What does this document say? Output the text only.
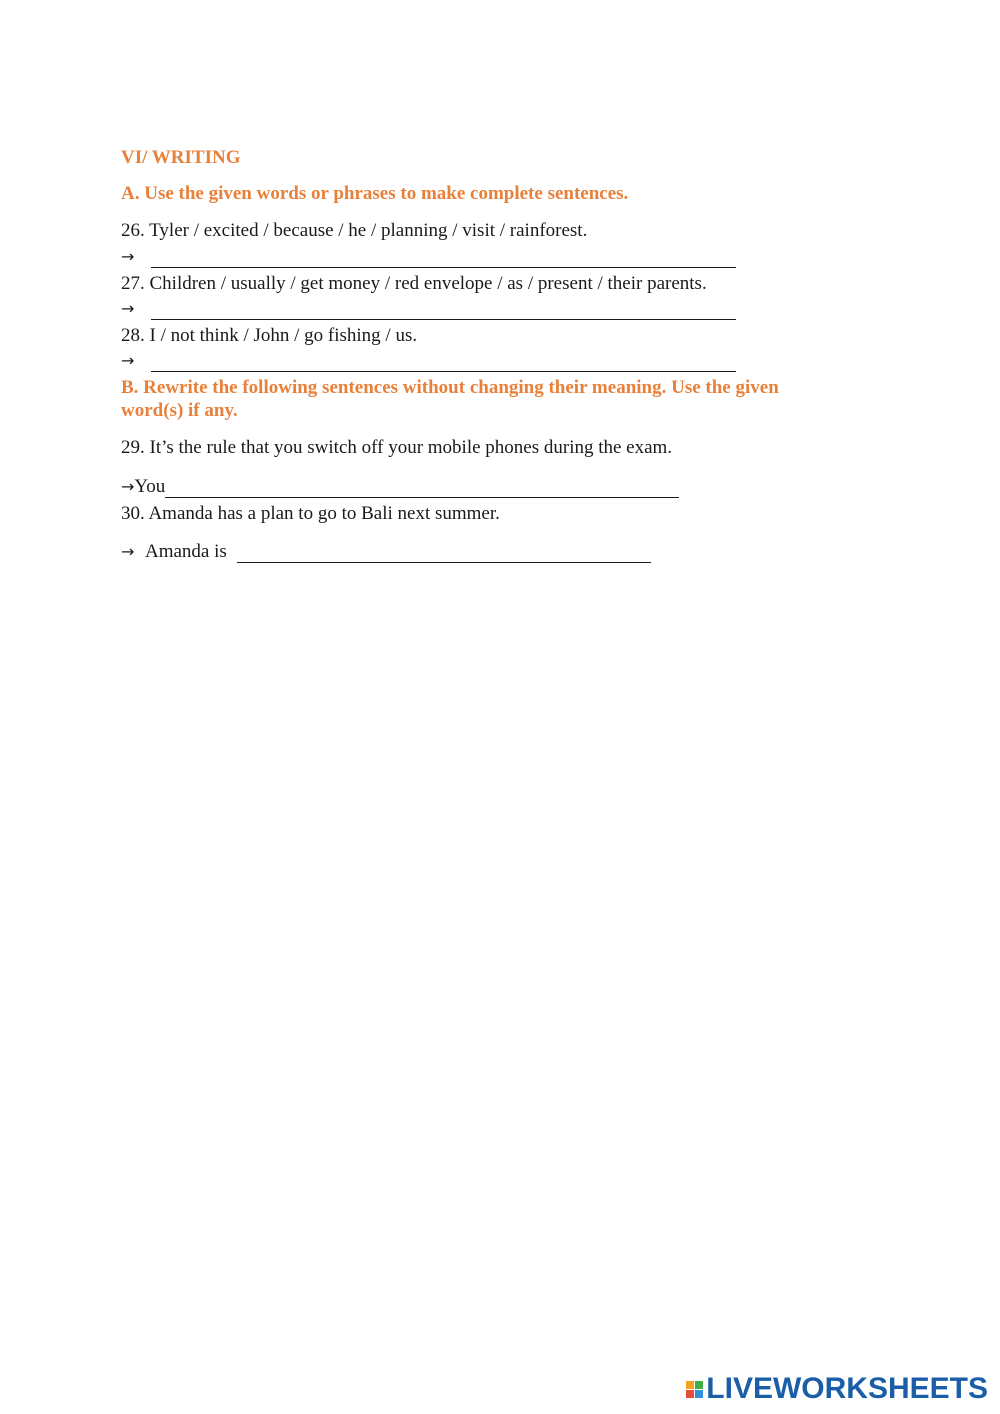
VI/ WRITING
A. Use the given words or phrases to make complete sentences.
26. Tyler / excited / because / he / planning / visit / rainforest.
→
27. Children / usually / get money / red envelope / as / present / their parents.
→
28. I / not think / John / go fishing / us.
→
B. Rewrite the following sentences without changing their meaning. Use the given word(s) if any.
29. It’s the rule that you switch off your mobile phones during the exam.
→ You
30. Amanda has a plan to go to Bali next summer.
→ Amanda is
LIVEWORKSHEETS
